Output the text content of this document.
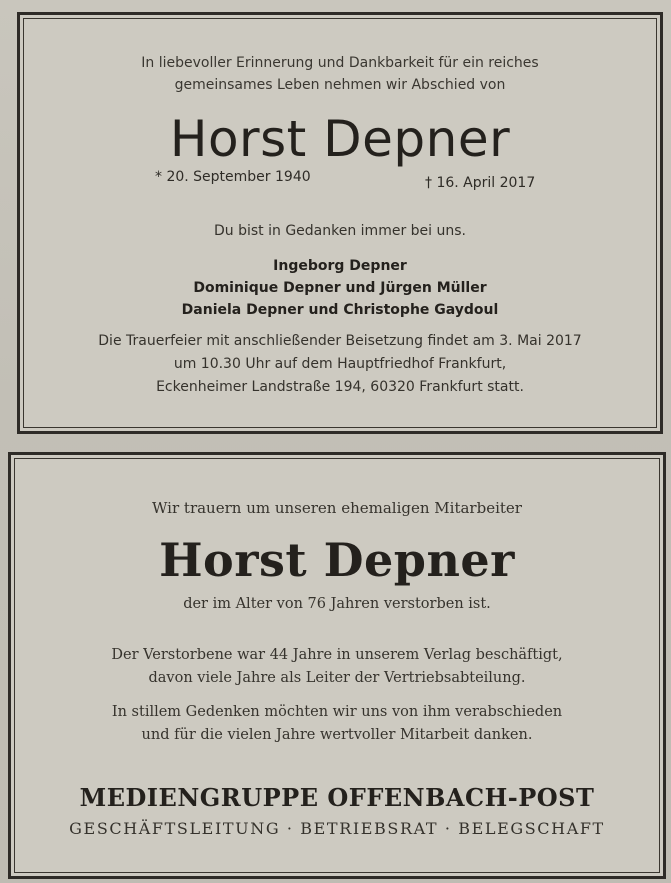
In liebevoller Erinnerung und Dankbarkeit für ein reiches
gemeinsames Leben nehmen wir Abschied von
Horst Depner
* 20. September 1940	† 16. April 2017
Du bist in Gedanken immer bei uns.
Ingeborg Depner
Dominique Depner und Jürgen Müller
Daniela Depner und Christophe Gaydoul
Die Trauerfeier mit anschließender Beisetzung findet am 3. Mai 2017
um 10.30 Uhr auf dem Hauptfriedhof Frankfurt,
Eckenheimer Landstraße 194, 60320 Frankfurt statt.
Wir trauern um unseren ehemaligen Mitarbeiter
Horst Depner
der im Alter von 76 Jahren verstorben ist.
Der Verstorbene war 44 Jahre in unserem Verlag beschäftigt,
davon viele Jahre als Leiter der Vertriebsabteilung.
In stillem Gedenken möchten wir uns von ihm verabschieden
und für die vielen Jahre wertvoller Mitarbeit danken.
MEDIENGRUPPE OFFENBACH-POST
GESCHÄFTSLEITUNG · BETRIEBSRAT · BELEGSCHAFT
